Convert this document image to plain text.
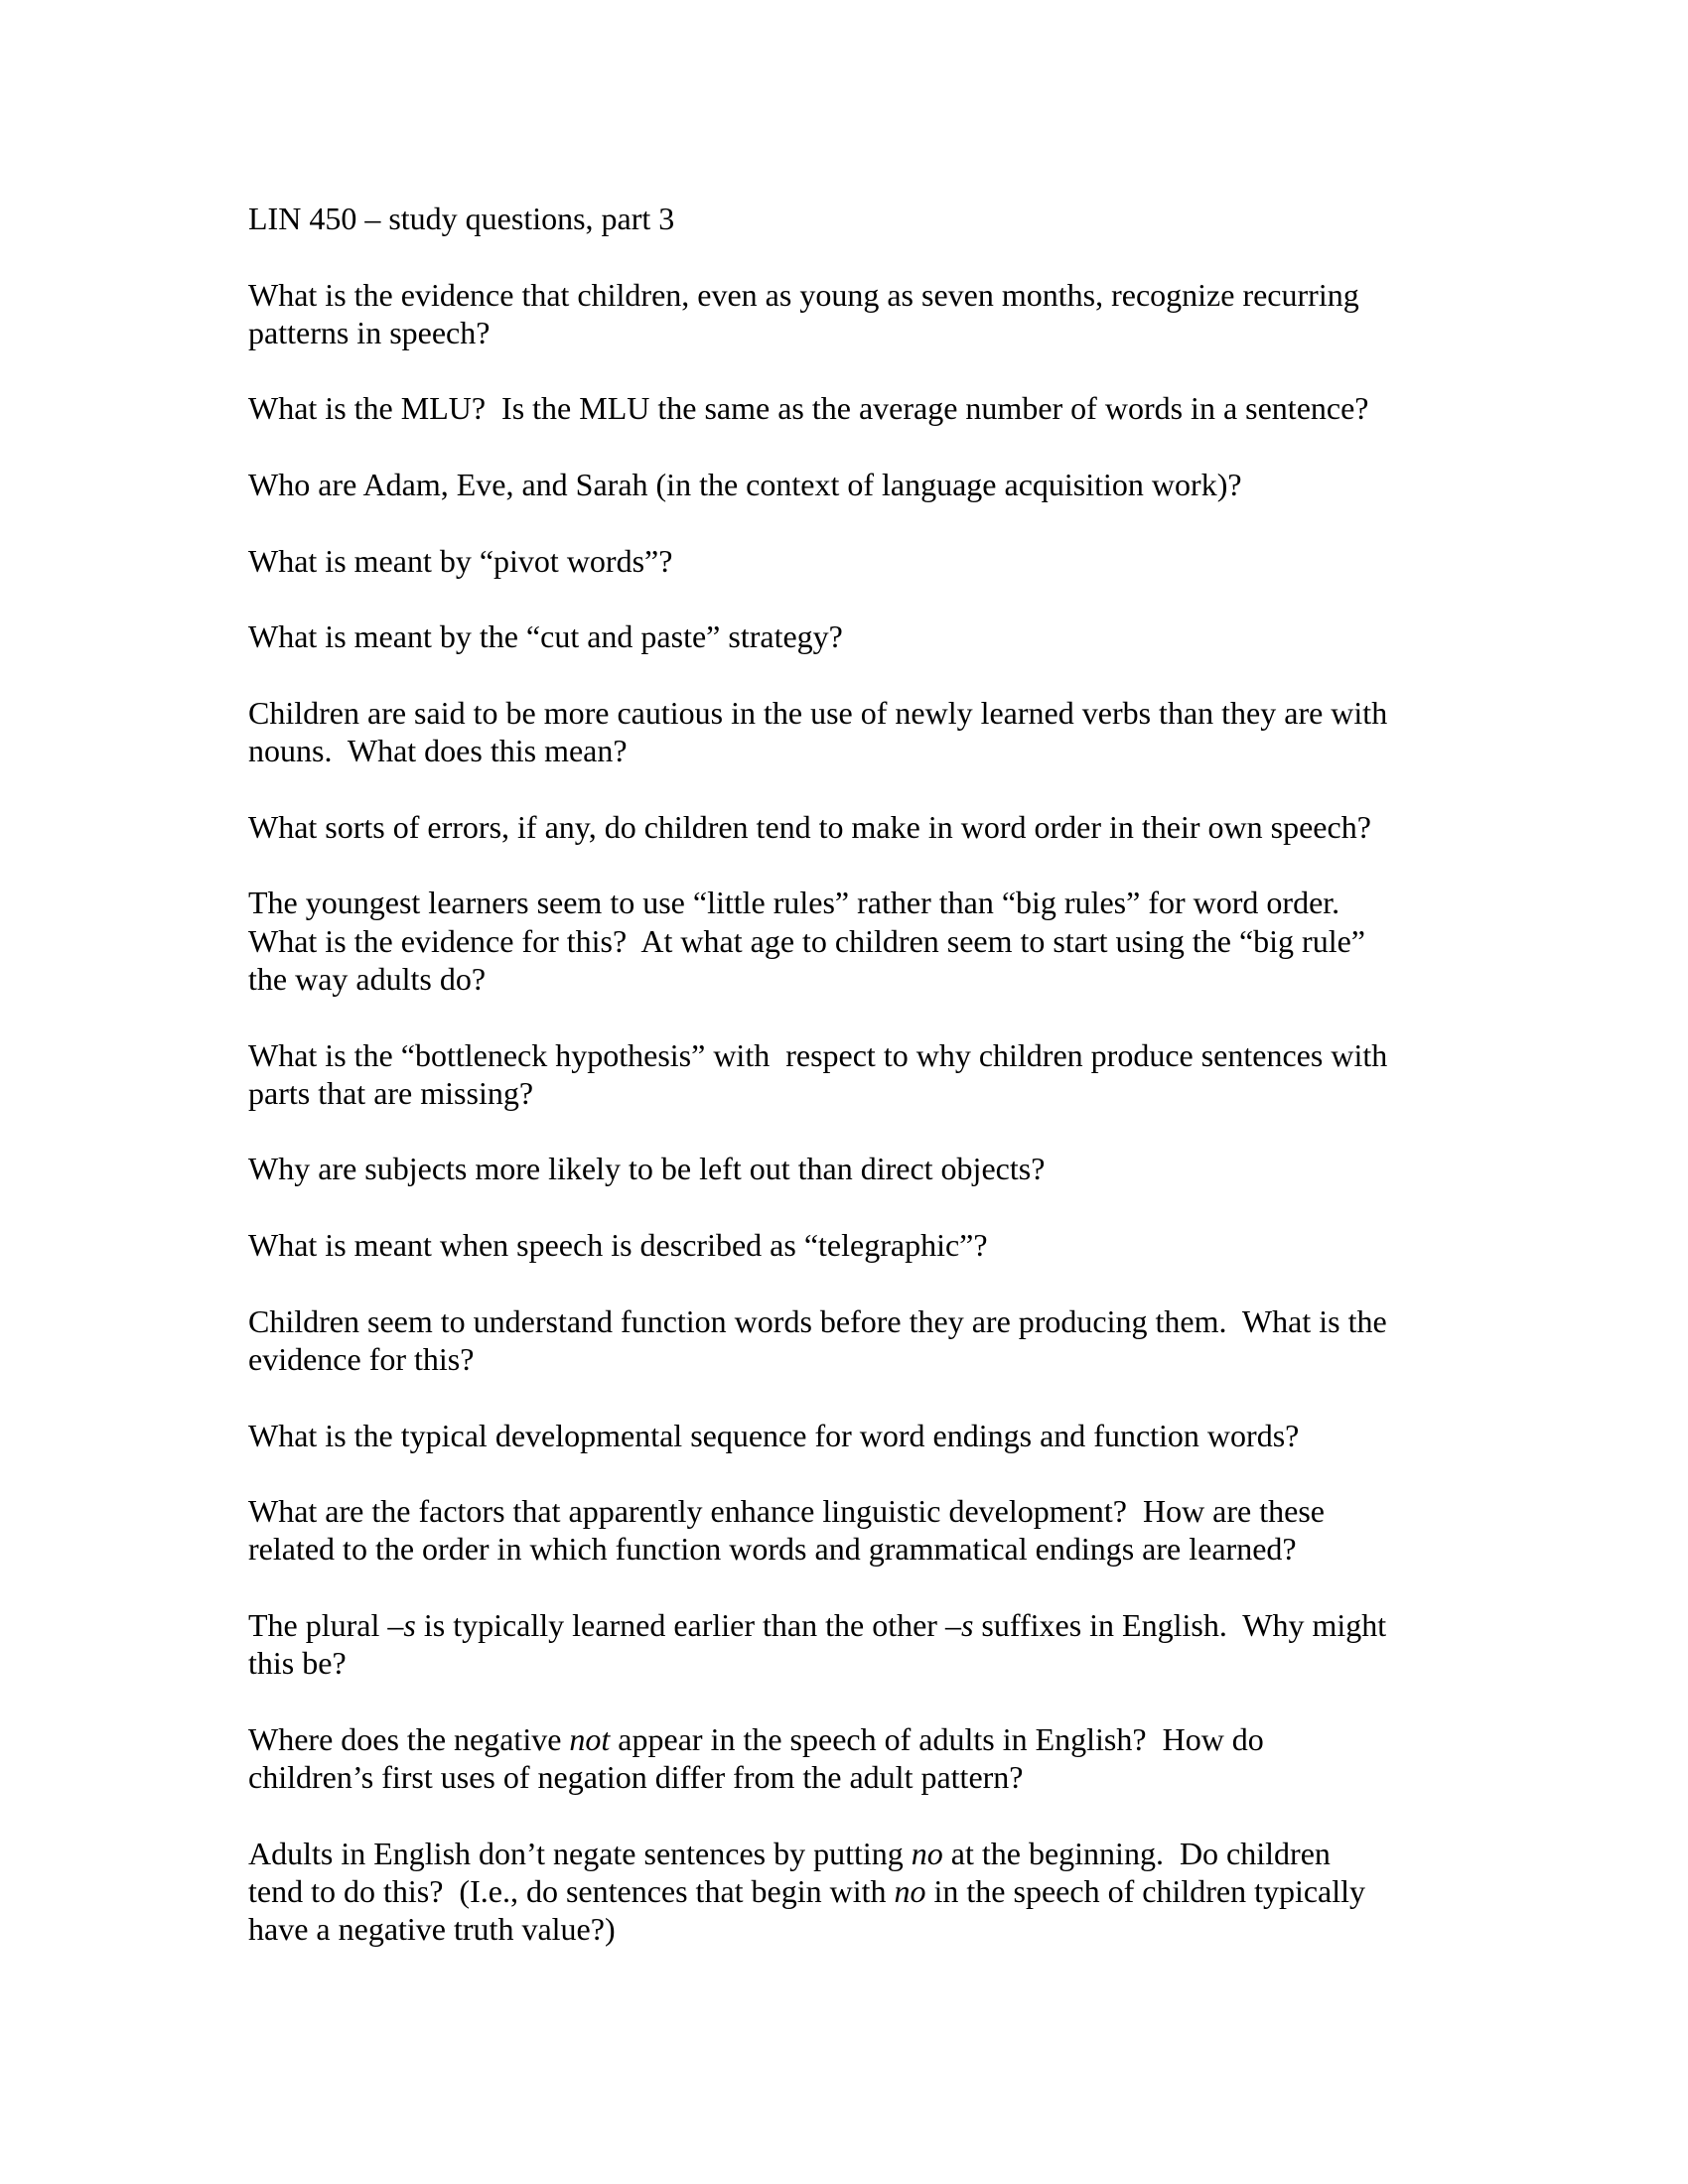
LIN 450 – study questions, part 3

What is the evidence that children, even as young as seven months, recognize recurring
patterns in speech?

What is the MLU?  Is the MLU the same as the average number of words in a sentence?

Who are Adam, Eve, and Sarah (in the context of language acquisition work)?

What is meant by “pivot words”?

What is meant by the “cut and paste” strategy?

Children are said to be more cautious in the use of newly learned verbs than they are with
nouns.  What does this mean?

What sorts of errors, if any, do children tend to make in word order in their own speech?

The youngest learners seem to use “little rules” rather than “big rules” for word order.
What is the evidence for this?  At what age to children seem to start using the “big rule”
the way adults do?

What is the “bottleneck hypothesis” with  respect to why children produce sentences with
parts that are missing?

Why are subjects more likely to be left out than direct objects?

What is meant when speech is described as “telegraphic”?

Children seem to understand function words before they are producing them.  What is the
evidence for this?

What is the typical developmental sequence for word endings and function words?

What are the factors that apparently enhance linguistic development?  How are these
related to the order in which function words and grammatical endings are learned?

The plural –s is typically learned earlier than the other –s suffixes in English.  Why might
this be?

Where does the negative not appear in the speech of adults in English?  How do
children’s first uses of negation differ from the adult pattern?

Adults in English don’t negate sentences by putting no at the beginning.  Do children
tend to do this?  (I.e., do sentences that begin with no in the speech of children typically
have a negative truth value?)
